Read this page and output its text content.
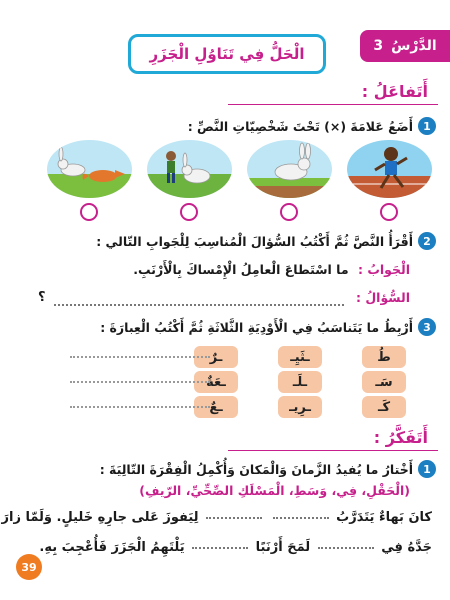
الدَّرْسُ
3
الْحَلُّ فِي تَنَاوُلِ الْجَزَرِ
أَتَفاعَلُ :
1
أَضَعُ عَلامَةَ (×) تَحْتَ شَخْصِيّاتِ النَّصِّ :
2
أَقْرَأُ النَّصَّ ثُمَّ أَكْتُبُ السُّؤالَ الْمُناسِبَ لِلْجَوابِ التّالي :
الْجَوابُ : ما اسْتَطاعَ الْعامِلُ الْإِمْساكَ بِالْأَرْنَبِ.
السُّؤالُ :
؟
3
أَرْبِطُ ما يَتَناسَبُ فِي الْأَوْدِيَةِ الثَّلاثَةِ ثُمَّ أَكْتُبُ الْعِبارَةَ :
طُ
سَـ
كَـ
ـثَيِـ
ـلَـ
ـرِيـ
ـرٌ
ـعَةٌ
ـعٌ
أَتَفَكَّرُ :
1
أَخْتارُ ما يُفيدُ الزَّمانَ وَالْمَكانَ وَأُكْمِلُ الْفِقْرَةَ التّالِيَةَ :
(الْحَقْلِ، فِي، وَسَطِ، الْمَسْلَكِ الصِّحِّيِّ، الرّيفِ)
كانَ بَهاءٌ يَتَدَرَّبُ   لِيَفوزَ عَلى جارِهِ خَليلٍ. وَلَمّا زارَ
جَدَّهُ فِي  لَمَحَ أَرْنَبًا  يَلْتَهِمُ الْجَزَرَ فَأُعْجِبَ بِهِ.
39
